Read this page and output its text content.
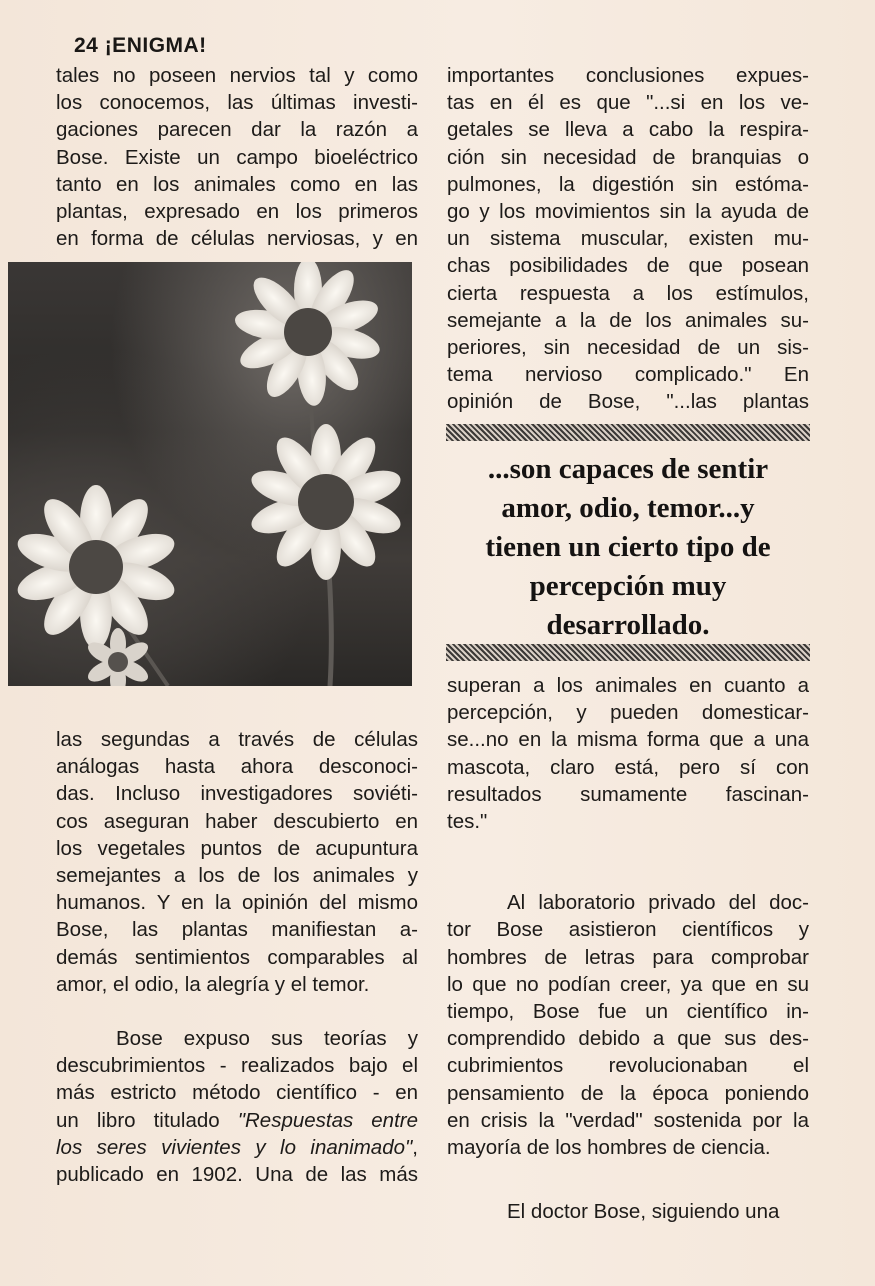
24 ¡ENIGMA!

tales no poseen nervios tal y como

los conocemos, las últimas investi-

gaciones parecen dar la razón a

Bose. Existe un campo bioeléctrico

tanto en los animales como en las

plantas, expresado en los primeros

en forma de células nerviosas, y en

las segundas a través de células

análogas hasta ahora desconoci-

das. Incluso investigadores soviéti-

cos aseguran haber descubierto en

los vegetales puntos de acupuntura

semejantes a los de los animales y

humanos. Y en la opinión del mismo

Bose, las plantas manifiestan a-

demás sentimientos comparables al

amor, el odio, la alegría y el temor.

Bose expuso sus teorías y

descubrimientos - realizados bajo el

más estricto método científico - en

un libro titulado "Respuestas entre

los seres vivientes y lo inanimado",

publicado en 1902. Una de las más

importantes conclusiones expues-

tas en él es que "...si en los ve-

getales se lleva a cabo la respira-

ción sin necesidad de branquias o

pulmones, la digestión sin estóma-

go y los movimientos sin la ayuda de

un sistema muscular, existen mu-

chas posibilidades de que posean

cierta respuesta a los estímulos,

semejante a la de los animales su-

periores, sin necesidad de un sis-

tema nervioso complicado." En

opinión de Bose, "...las plantas

...son capaces de sentir
amor, odio, temor...y
tienen un cierto tipo de
percepción muy
desarrollado.

superan a los animales en cuanto a

percepción, y pueden domesticar-

se...no en la misma forma que a una

mascota, claro está, pero sí con

resultados sumamente fascinan-

tes."

Al laboratorio privado del doc-

tor Bose asistieron científicos y

hombres de letras para comprobar

lo que no podían creer, ya que en su

tiempo, Bose fue un científico in-

comprendido debido a que sus des-

cubrimientos revolucionaban el

pensamiento de la época poniendo

en crisis la "verdad" sostenida por la

mayoría de los hombres de ciencia.

El doctor Bose, siguiendo una
